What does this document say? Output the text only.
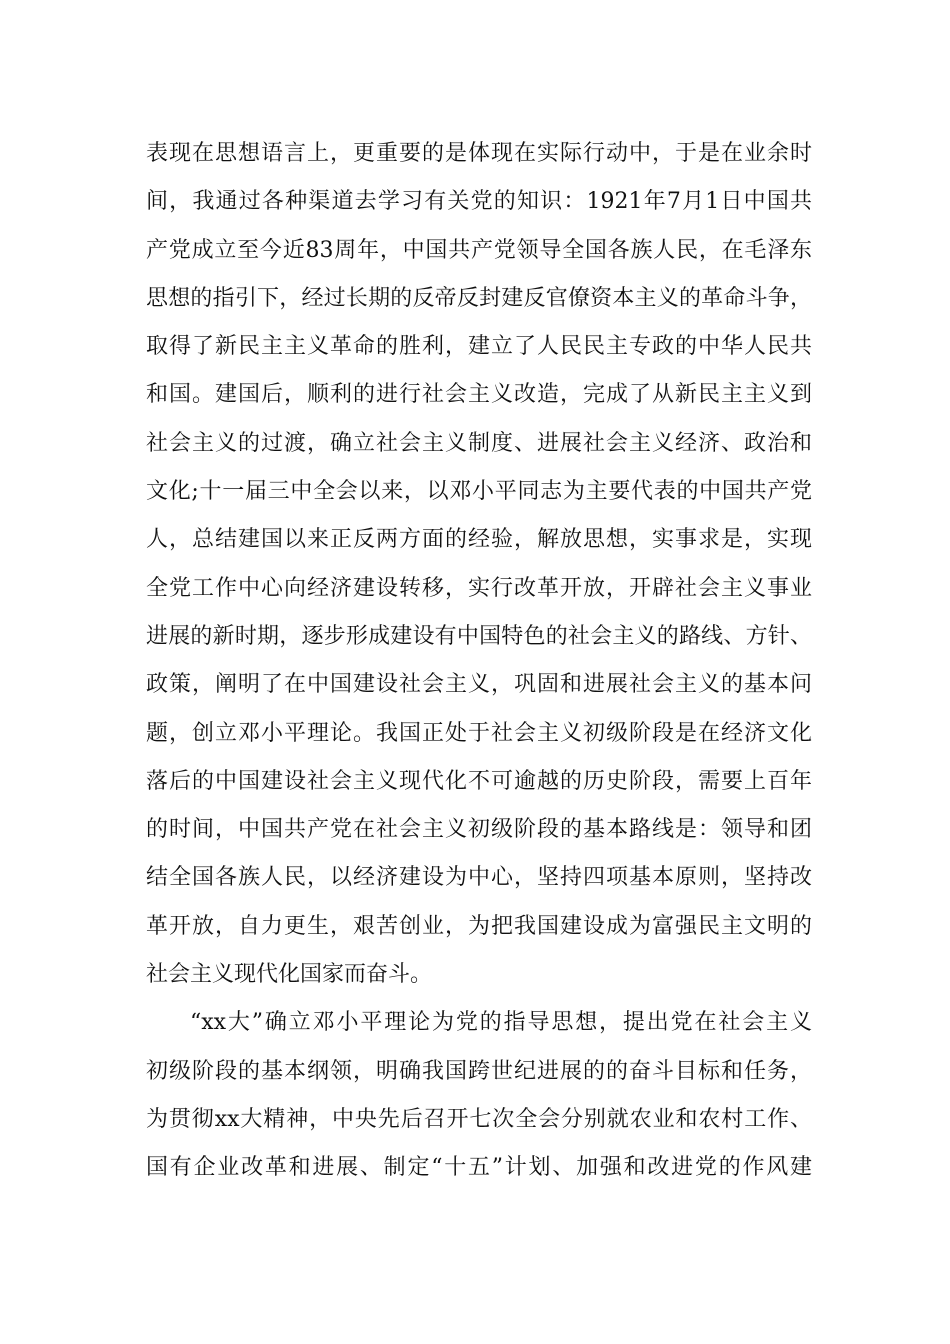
表现在思想语言上，更重要的是体现在实际行动中，于是在业余时
间，我通过各种渠道去学习有关党的知识：1921年7月1日中国共
产党成立至今近83周年，中国共产党领导全国各族人民，在毛泽东
思想的指引下，经过长期的反帝反封建反官僚资本主义的革命斗争，
取得了新民主主义革命的胜利，建立了人民民主专政的中华人民共
和国。建国后，顺利的进行社会主义改造，完成了从新民主主义到
社会主义的过渡，确立社会主义制度、进展社会主义经济、政治和
文化;十一届三中全会以来，以邓小平同志为主要代表的中国共产党
人，总结建国以来正反两方面的经验，解放思想，实事求是，实现
全党工作中心向经济建设转移，实行改革开放，开辟社会主义事业
进展的新时期，逐步形成建设有中国特色的社会主义的路线、方针、
政策，阐明了在中国建设社会主义，巩固和进展社会主义的基本问
题，创立邓小平理论。我国正处于社会主义初级阶段是在经济文化
落后的中国建设社会主义现代化不可逾越的历史阶段，需要上百年
的时间，中国共产党在社会主义初级阶段的基本路线是：领导和团
结全国各族人民，以经济建设为中心，坚持四项基本原则，坚持改
革开放，自力更生，艰苦创业，为把我国建设成为富强民主文明的
社会主义现代化国家而奋斗。
“xx大”确立邓小平理论为党的指导思想，提出党在社会主义
初级阶段的基本纲领，明确我国跨世纪进展的的奋斗目标和任务，
为贯彻xx大精神，中央先后召开七次全会分别就农业和农村工作、
国有企业改革和进展、制定“十五”计划、加强和改进党的作风建
